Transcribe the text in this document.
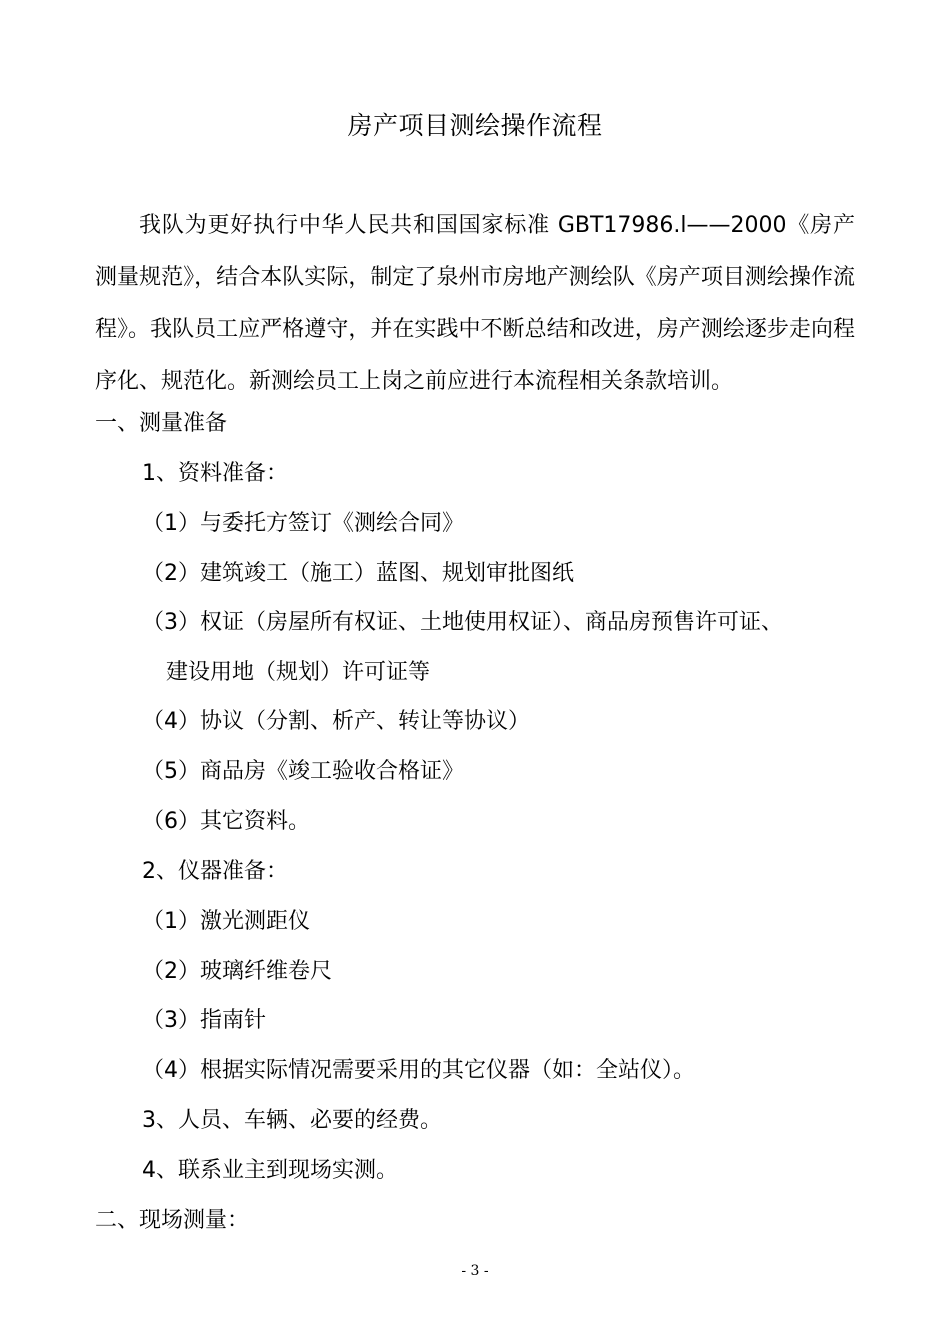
房产项目测绘操作流程
我队为更好执行中华人民共和国国家标准 GBT17986.l——2000《房产测量规范》，结合本队实际，制定了泉州市房地产测绘队《房产项目测绘操作流程》。我队员工应严格遵守，并在实践中不断总结和改进，房产测绘逐步走向程序化、规范化。新测绘员工上岗之前应进行本流程相关条款培训。
一、测量准备
1、资料准备：
（1）与委托方签订《测绘合同》
（2）建筑竣工（施工）蓝图、规划审批图纸
（3）权证（房屋所有权证、土地使用权证）、商品房预售许可证、
建设用地（规划）许可证等
（4）协议（分割、析产、转让等协议）
（5）商品房《竣工验收合格证》
（6）其它资料。
2、仪器准备：
（1）激光测距仪
（2）玻璃纤维卷尺
（3）指南针
（4）根据实际情况需要采用的其它仪器（如：全站仪）。
3、人员、车辆、必要的经费。
4、联系业主到现场实测。
二、现场测量：
- 3 -
